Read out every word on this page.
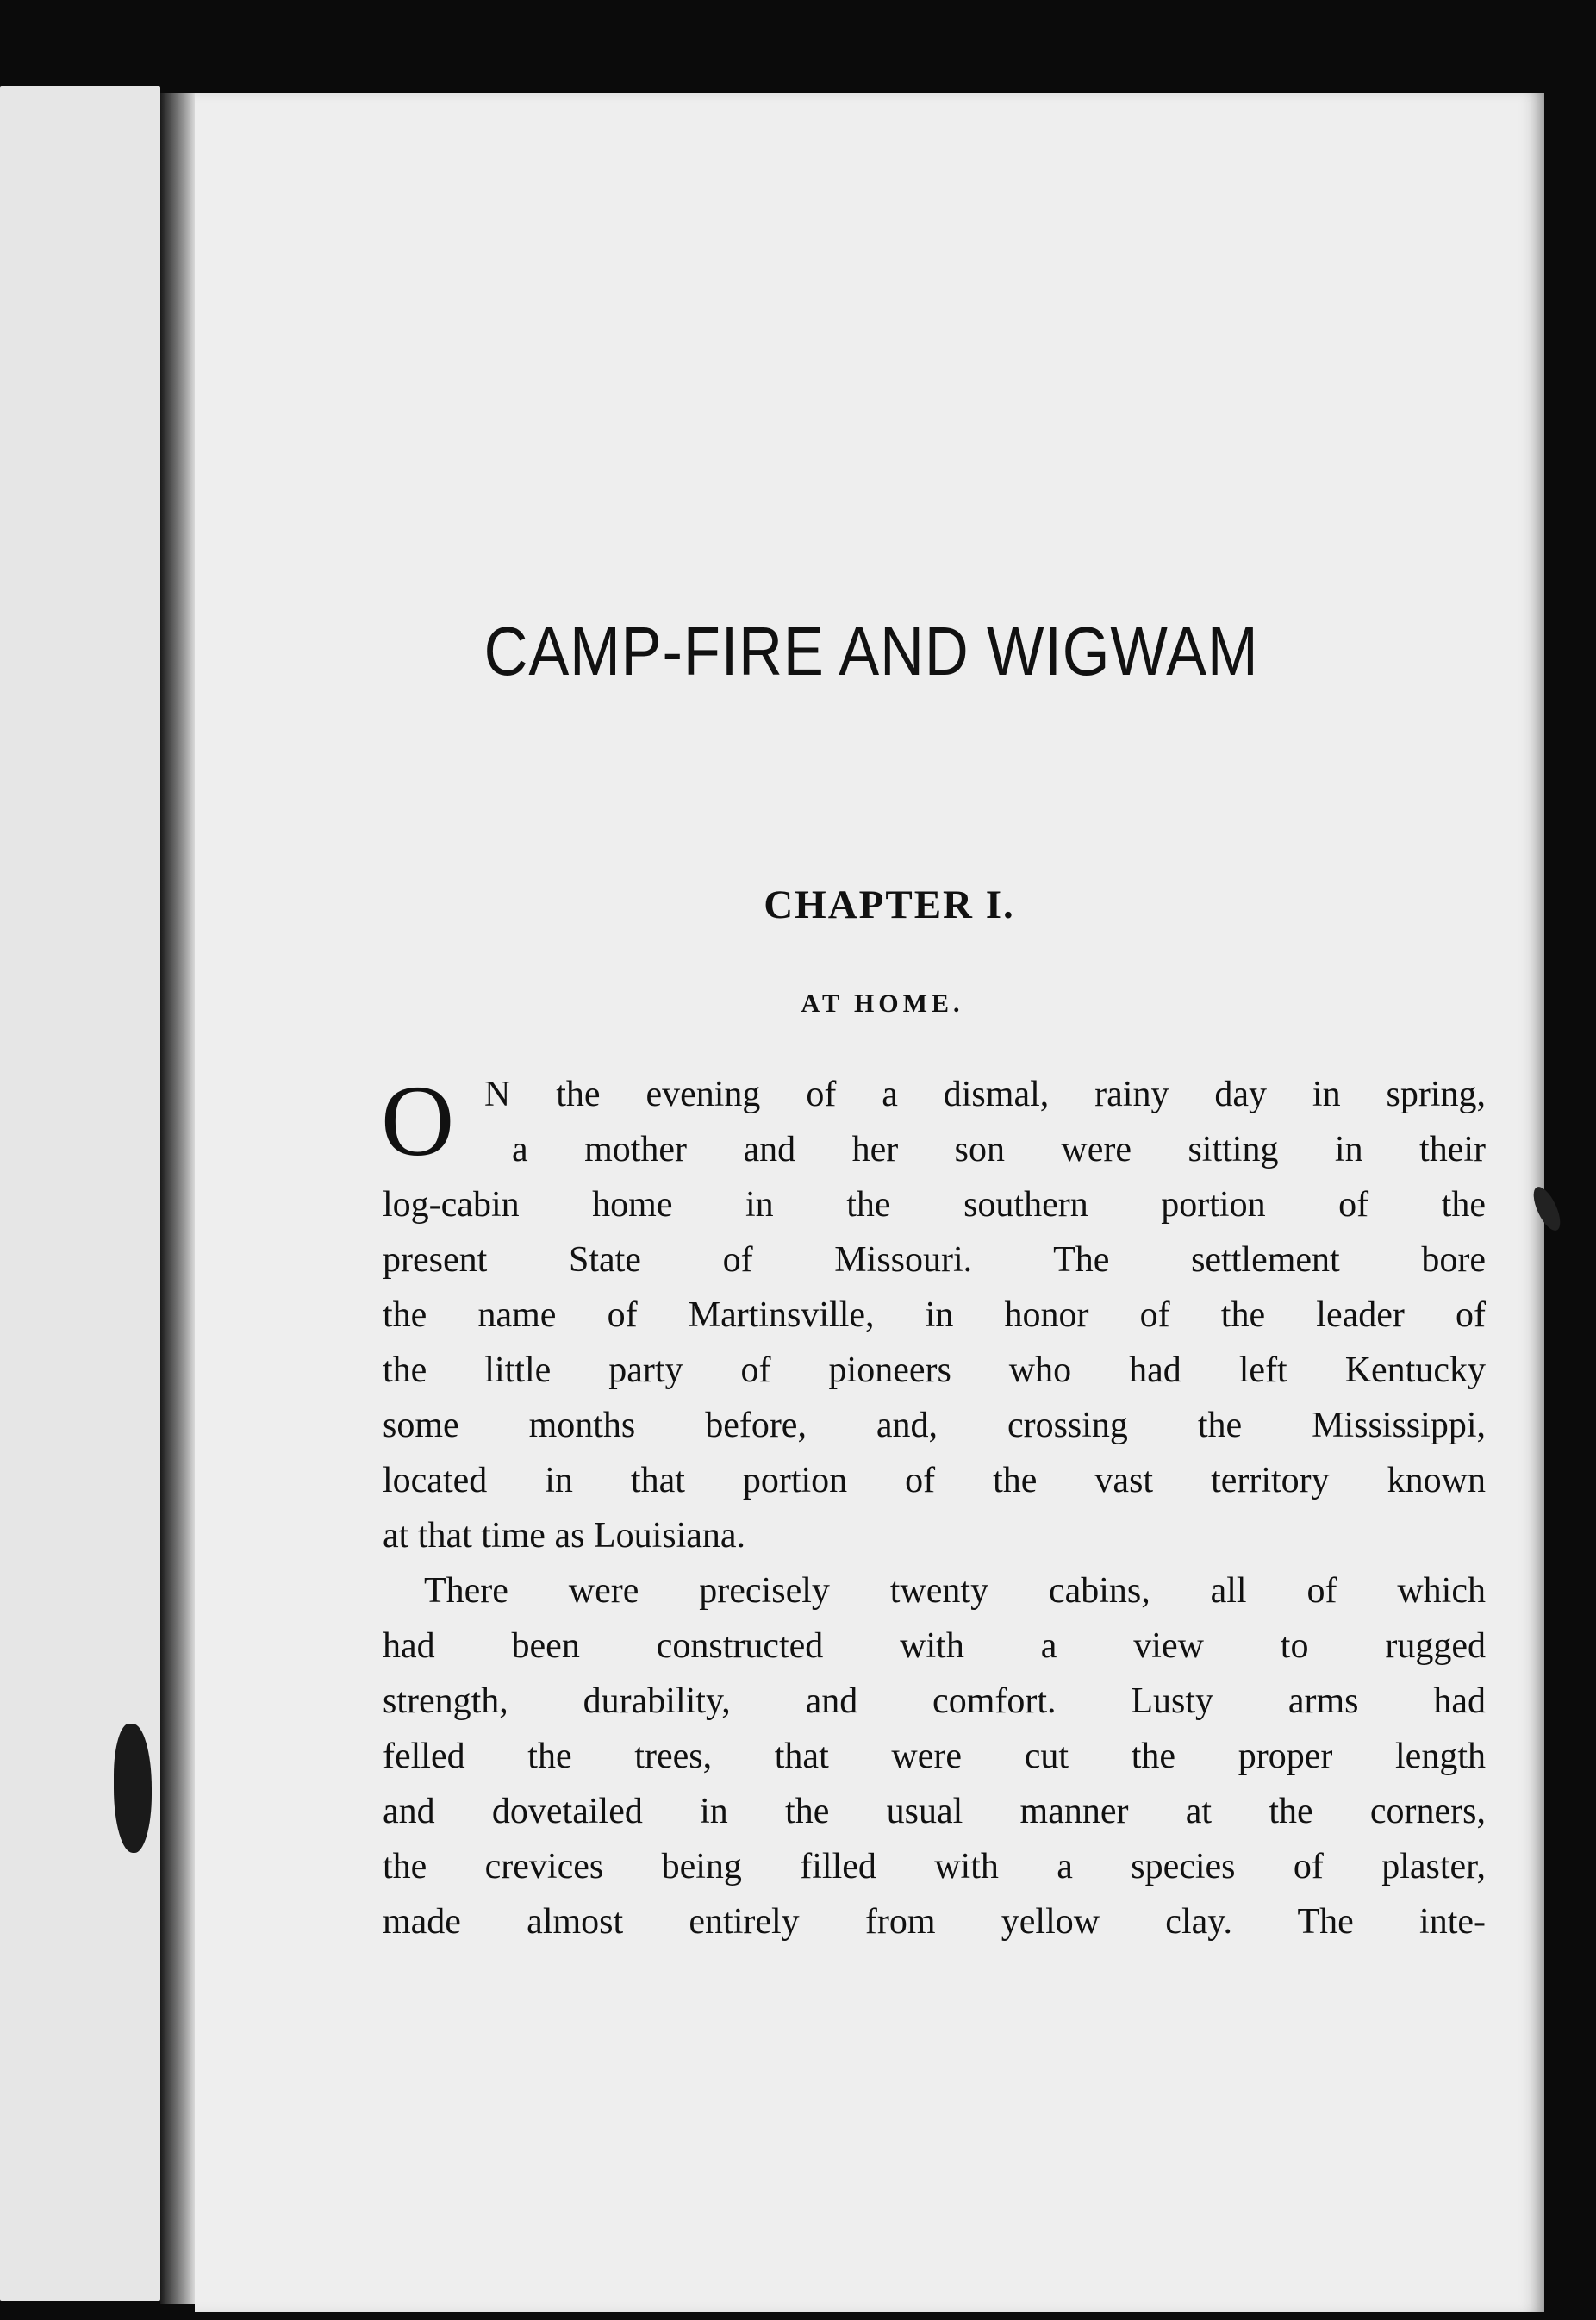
CAMP-FIRE AND WIGWAM
CHAPTER I.
AT HOME.
O N the evening of a dismal, rainy day in spring,
a mother and her son were sitting in their
log-cabin home in the southern portion of the
present State of Missouri. The settlement bore
the name of Martinsville, in honor of the leader of
the little party of pioneers who had left Kentucky
some months before, and, crossing the Mississippi,
located in that portion of the vast territory known
at that time as Louisiana.
There were precisely twenty cabins, all of which
had been constructed with a view to rugged
strength, durability, and comfort. Lusty arms had
felled the trees, that were cut the proper length
and dovetailed in the usual manner at the corners,
the crevices being filled with a species of plaster,
made almost entirely from yellow clay. The inte-
